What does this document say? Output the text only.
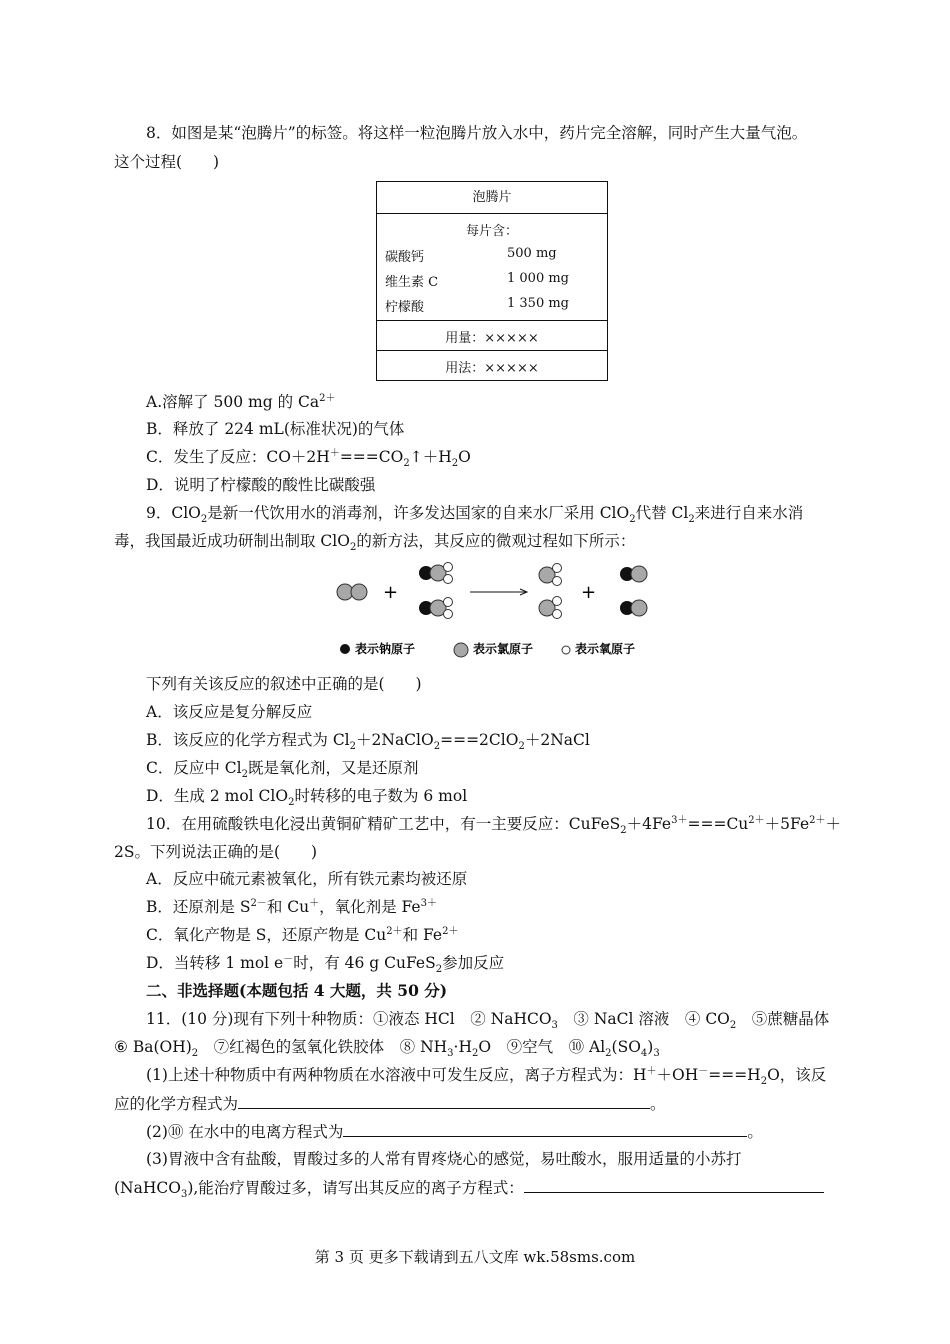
8．如图是某“泡腾片”的标签。将这样一粒泡腾片放入水中，药片完全溶解，同时产生大量气泡。
这个过程(　　)
泡腾片
每片含：
碳酸钙	500 mg
维生素 C	1 000 mg
柠檬酸	1 350 mg
用量：×××××
用法：×××××
A.溶解了 500 mg 的 $Ca^{2+}$
B．释放了 224 mL(标准状况)的气体
C．发生了反应：$CO+2H^+===CO_2↑+H_2O$
D．说明了柠檬酸的酸性比碳酸强
9．ClO$_2$是新一代饮用水的消毒剂，许多发达国家的自来水厂采用 ClO$_2$代替 $Cl_2$来进行自来水消
毒，我国最近成功研制出制取 ClO$_2$的新方法，其反应的微观过程如下所示：
+	+
表示钠原子	表示氯原子	表示氧原子
下列有关该反应的叙述中正确的是(　　)
A．该反应是复分解反应
B．该反应的化学方程式为 $Cl_2+2NaClO_2===2ClO_2+2NaCl$
C．反应中 $Cl_2$既是氧化剂，又是还原剂
D．生成 2 mol ClO$_2$时转移的电子数为 6 mol
10．在用硫酸铁电化浸出黄铜矿精矿工艺中，有一主要反应：$CuFeS_2+4Fe^{3+}===Cu^{2+}+5Fe^{2+}+$
2S。下列说法正确的是(　　)
A．反应中硫元素被氧化，所有铁元素均被还原
B．还原剂是 $S^{2-}$和 Cu＋，氧化剂是 $Fe^{3+}$
C．氧化产物是 S，还原产物是 $Cu^{2+}$和 $Fe^{2+}$
D．当转移 1 mol e－时，有 46 g CuFeS$_2$参加反应
二、非选择题(本题包括 4 大题，共 50 分)
11．(10 分)现有下列十种物质：①液态 HCl　② NaHCO$_3$　③ NaCl 溶液　④ $CO_2$　⑤蔗糖晶体
⑥ $Ba(OH)_2$　⑦红褐色的氢氧化铁胶体　⑧ $NH_3\cdot H_2O$　⑨空气　⑩ $Al_2(SO_4)_3$
(1)上述十种物质中有两种物质在水溶液中可发生反应，离子方程式为：$H^++OH^-===H_2O$，该反
应的化学方程式为	。
(2)⑩ 在水中的电离方程式为	。
(3)胃液中含有盐酸，胃酸过多的人常有胃疼烧心的感觉，易吐酸水，服用适量的小苏打
(NaHCO$_3$),能治疗胃酸过多，请写出其反应的离子方程式：
第 3 页 更多下载请到五八文库 wk.58sms.com
